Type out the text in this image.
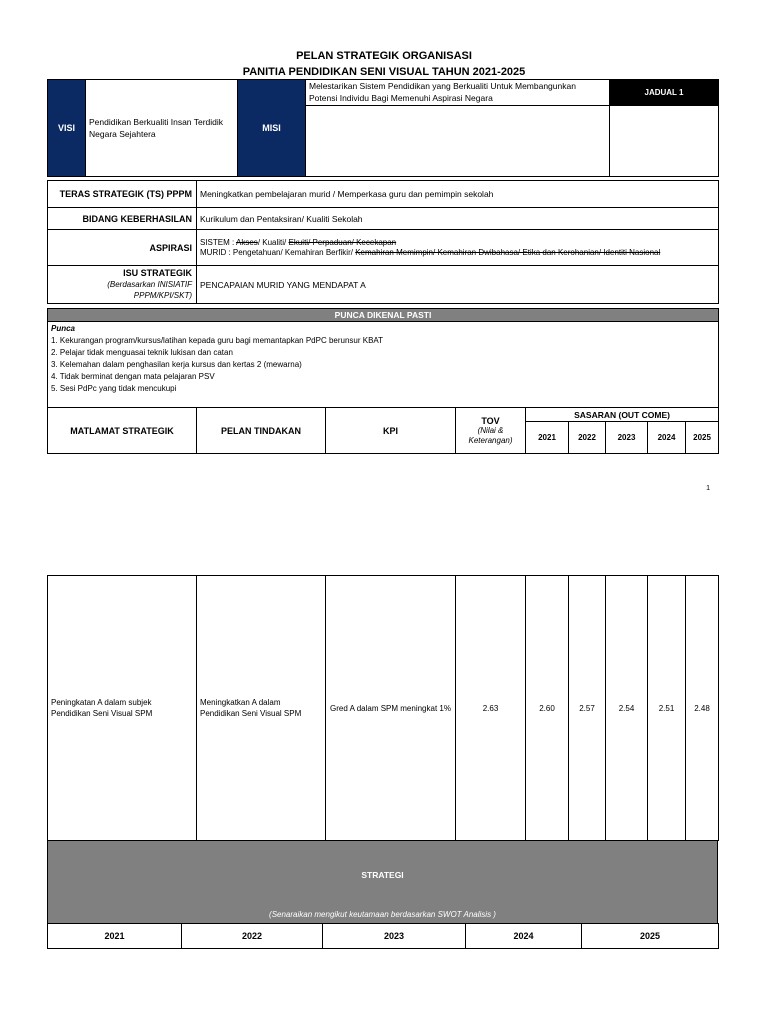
PELAN STRATEGIK ORGANISASI
PANITIA PENDIDIKAN SENI VISUAL TAHUN 2021-2025
VISI	Pendidikan Berkualiti Insan Terdidik Negara Sejahtera	MISI	Melestarikan Sistem Pendidikan yang Berkualiti Untuk Membangunkan Potensi Individu Bagi Memenuhi Aspirasi Negara	JADUAL 1

TERAS STRATEGIK (TS) PPPM	Meningkatkan pembelajaran murid / Memperkasa guru dan pemimpin sekolah
BIDANG KEBERHASILAN	Kurikulum dan Pentaksiran/ Kualiti Sekolah
ASPIRASI	SISTEM : Akses/ Kualiti/ Ekuiti/ Perpaduan/ Kecekapan
MURID : Pengetahuan/ Kemahiran Berfikir/ Kemahiran Memimpin/ Kemahiran Dwibahasa/ Etika dan Kerohanian/ Identiti Nasional

ISU STRATEGIK
(Berdasarkan INISIATIF PPPM/KPI/SKT)	PENCAPAIAN MURID YANG MENDAPAT A
PUNCA DIKENAL PASTI

Punca
1. Kekurangan program/kursus/latihan kepada guru bagi memantapkan PdPC berunsur KBAT
2. Pelajar tidak menguasai teknik lukisan dan catan
3. Kelemahan dalam penghasilan kerja kursus dan kertas 2 (mewarna)
4. Tidak berminat dengan mata pelajaran PSV
5. Sesi PdPc yang tidak mencukupi
MATLAMAT STRATEGIK	PELAN TINDAKAN	KPI	TOV
(Nilai & Keterangan)	SASARAN (OUT COME)				
				2021	2022	2023	2024	2025
1
Peningkatan A dalam subjek Pendidikan Seni Visual SPM	Meningkatkan A dalam Pendidikan Seni Visual SPM	Gred A dalam SPM meningkat 1%	2.63	2.60	2.57	2.54	2.51	2.48
STRATEGI
(Senaraikan mengikut keutamaan berdasarkan SWOT Analisis )
2021	2022	2023	2024	2025
